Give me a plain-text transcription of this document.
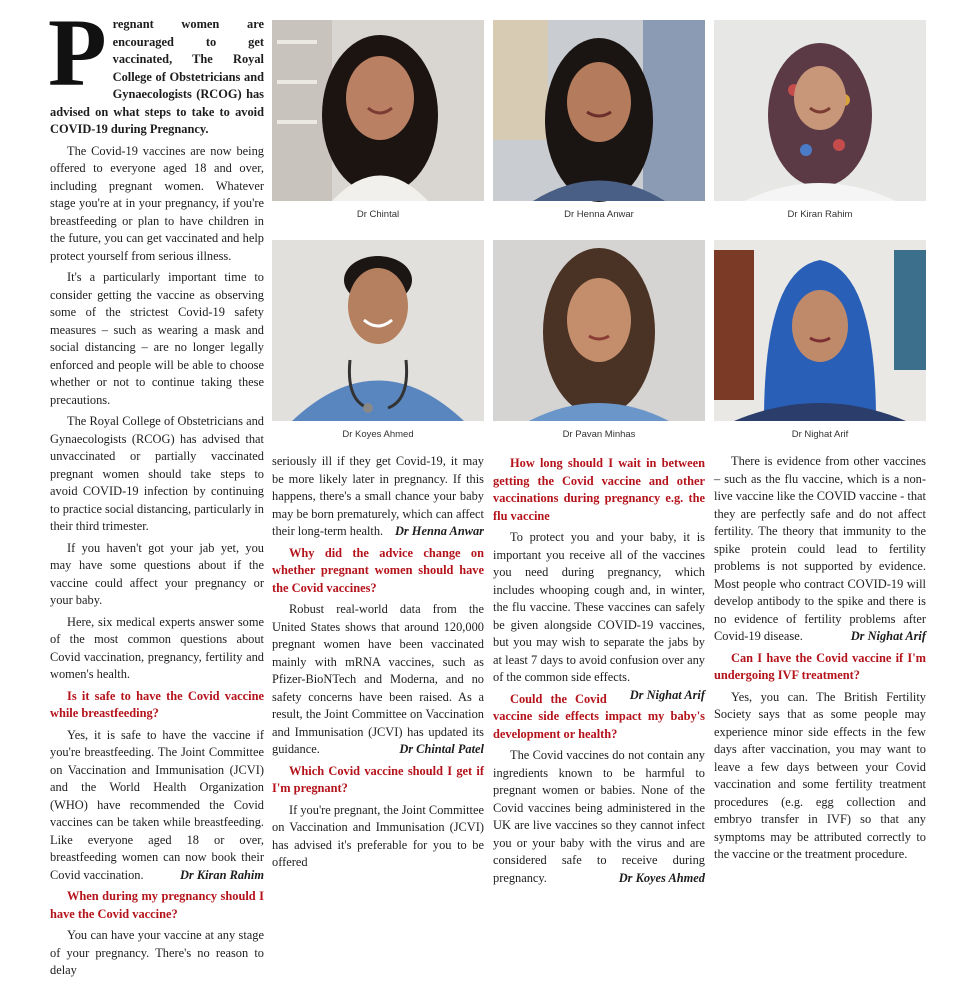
Dr Chintal	Dr Henna Anwar	Dr Kiran Rahim
Dr Koyes Ahmed	Dr Pavan Minhas	Dr Nighat Arif

Pregnant women are encouraged to get vaccinated, The Royal College of Obstetricians and Gynaecologists (RCOG) has advised on what steps to take to avoid COVID-19 during Pregnancy.

The Covid-19 vaccines are now being offered to everyone aged 18 and over, including pregnant women. Whatever stage you're at in your pregnancy, if you're breastfeeding or plan to have children in the future, you can get vaccinated and help protect yourself from serious illness.

It's a particularly important time to consider getting the vaccine as observing some of the strictest Covid-19 safety measures – such as wearing a mask and social distancing – are no longer legally enforced and people will be able to choose whether or not to continue taking these precautions.

The Royal College of Obstetricians and Gynaecologists (RCOG) has advised that unvaccinated or partially vaccinated pregnant women should take steps to avoid COVID-19 infection by continuing to practice social distancing, particularly in their third trimester.

If you haven't got your jab yet, you may have some questions about if the vaccine could affect your pregnancy or your baby.

Here, six medical experts answer some of the most common questions about Covid vaccination, pregnancy, fertility and women's health.

Is it safe to have the Covid vaccine while breastfeeding?

Yes, it is safe to have the vaccine if you're breastfeeding. The Joint Committee on Vaccination and Immunisation (JCVI) and the World Health Organization (WHO) have recommended the Covid vaccines can be taken while breastfeeding. Like everyone aged 18 or over, breastfeeding women can now book their Covid vaccination.	Dr Kiran Rahim

When during my pregnancy should I have the Covid vaccine?

You can have your vaccine at any stage of your pregnancy. There's no reason to delay

seriously ill if they get Covid-19, it may be more likely later in pregnancy. If this happens, there's a small chance your baby may be born prematurely, which can affect their long-term health. Dr Henna Anwar

Why did the advice change on whether pregnant women should have the Covid vaccines?

Robust real-world data from the United States shows that around 120,000 pregnant women have been vaccinated mainly with mRNA vaccines, such as Pfizer-BioNTech and Moderna, and no safety concerns have been raised. As a result, the Joint Committee on Vaccination and Immunisation (JCVI) has updated its guidance.	Dr Chintal Patel

Which Covid vaccine should I get if I'm pregnant?

If you're pregnant, the Joint Committee on Vaccination and Immunisation (JCVI) has advised it's preferable for you to be offered

How long should I wait in between getting the Covid vaccine and other vaccinations during pregnancy e.g. the flu vaccine

To protect you and your baby, it is important you receive all of the vaccines you need during pregnancy, which includes whooping cough and, in winter, the flu vaccine. These vaccines can safely be given alongside COVID-19 vaccines, but you may wish to separate the jabs by at least 7 days to avoid confusion over any of the common side effects.
Dr Nighat Arif

Could the Covid vaccine side effects impact my baby's development or health?

The Covid vaccines do not contain any ingredients known to be harmful to pregnant women or babies. None of the Covid vaccines being administered in the UK are live vaccines so they cannot infect you or your baby with the virus and are considered safe to receive during pregnancy.	Dr Koyes Ahmed

There is evidence from other vaccines – such as the flu vaccine, which is a non-live vaccine like the COVID vaccine - that they are perfectly safe and do not affect fertility. The theory that immunity to the spike protein could lead to fertility problems is not supported by evidence. Most people who contract COVID-19 will develop antibody to the spike and there is no evidence of fertility problems after Covid-19 disease.	Dr Nighat Arif

Can I have the Covid vaccine if I'm undergoing IVF treatment?

Yes, you can. The British Fertility Society says that as some people may experience minor side effects in the few days after vaccination, you may want to leave a few days between your Covid vaccination and some fertility treatment procedures (e.g. egg collection and embryo transfer in IVF) so that any symptoms may be attributed correctly to the vaccine or the treatment procedure.
